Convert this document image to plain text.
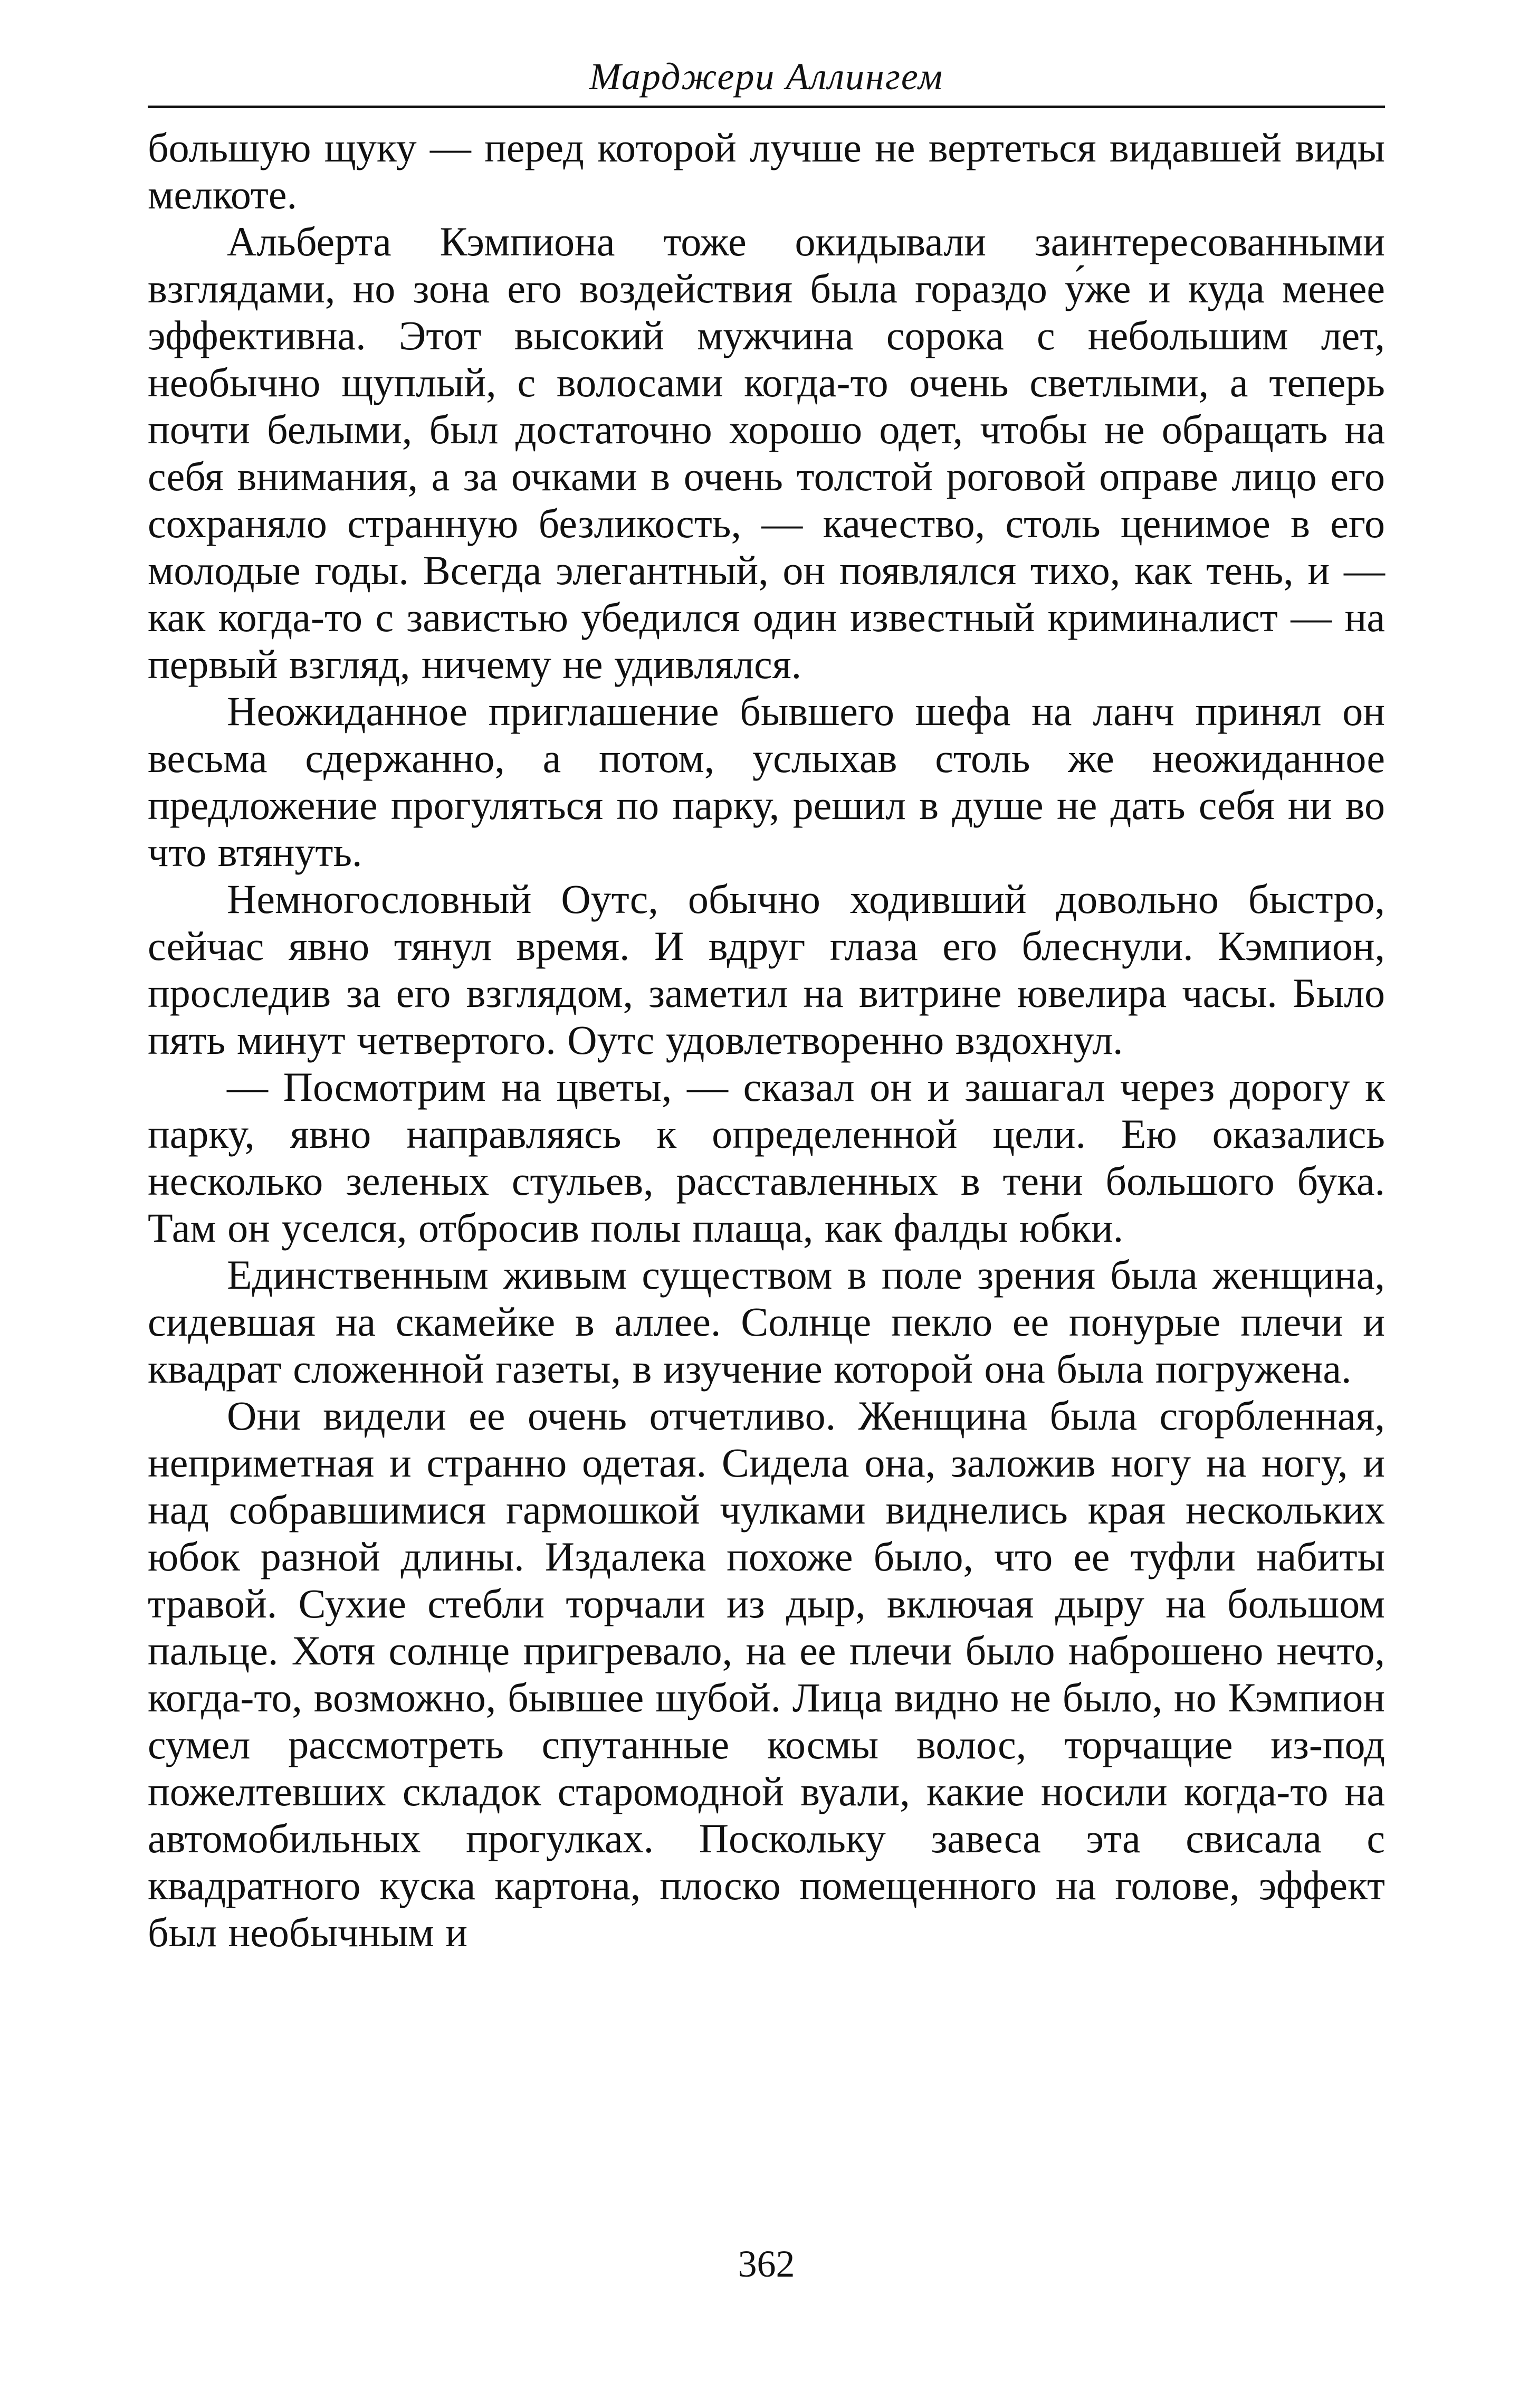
Марджери Аллингем

большую щуку — перед которой лучше не вертеться видавшей виды мелкоте.

Альберта Кэмпиона тоже окидывали заинтересованными взглядами, но зона его воздействия была гораздо у́же и куда менее эффективна. Этот высокий мужчина сорока с небольшим лет, необычно щуплый, с волосами когда-то очень светлыми, а теперь почти белыми, был достаточно хорошо одет, чтобы не обращать на себя внимания, а за очками в очень толстой роговой оправе лицо его сохраняло странную безликость, — качество, столь ценимое в его молодые годы. Всегда элегантный, он появлялся тихо, как тень, и — как когда-то с завистью убедился один известный криминалист — на первый взгляд, ничему не удивлялся.

Неожиданное приглашение бывшего шефа на ланч принял он весьма сдержанно, а потом, услыхав столь же неожиданное предложение прогуляться по парку, решил в душе не дать себя ни во что втянуть.

Немногословный Оутс, обычно ходивший довольно быстро, сейчас явно тянул время. И вдруг глаза его блеснули. Кэмпион, проследив за его взглядом, заметил на витрине ювелира часы. Было пять минут четвертого. Оутс удовлетворенно вздохнул.

— Посмотрим на цветы, — сказал он и зашагал через дорогу к парку, явно направляясь к определенной цели. Ею оказались несколько зеленых стульев, расставленных в тени большого бука. Там он уселся, отбросив полы плаща, как фалды юбки.

Единственным живым существом в поле зрения была женщина, сидевшая на скамейке в аллее. Солнце пекло ее понурые плечи и квадрат сложенной газеты, в изучение которой она была погружена.

Они видели ее очень отчетливо. Женщина была сгорбленная, неприметная и странно одетая. Сидела она, заложив ногу на ногу, и над собравшимися гармошкой чулками виднелись края нескольких юбок разной длины. Издалека похоже было, что ее туфли набиты травой. Сухие стебли торчали из дыр, включая дыру на большом пальце. Хотя солнце пригревало, на ее плечи было наброшено нечто, когда-то, возможно, бывшее шубой. Лица видно не было, но Кэмпион сумел рассмотреть спутанные космы волос, торчащие из-под пожелтевших складок старомодной вуали, какие носили когда-то на автомобильных прогулках. Поскольку завеса эта свисала с квадратного куска картона, плоско помещенного на голове, эффект был необычным и

362
